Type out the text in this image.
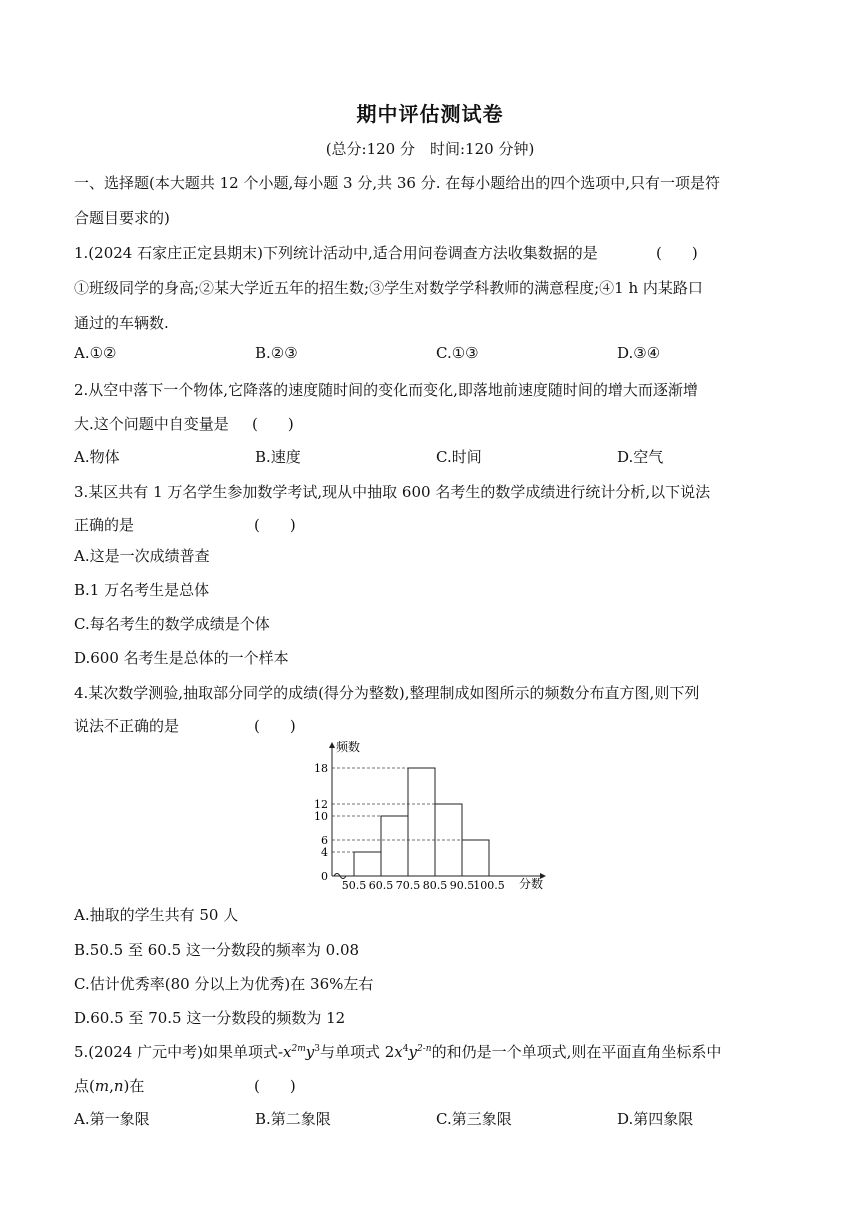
期中评估测试卷
(总分:120 分　时间:120 分钟)
一、选择题(本大题共 12 个小题,每小题 3 分,共 36 分. 在每小题给出的四个选项中,只有一项是符
合题目要求的)
1.(2024 石家庄正定县期末)下列统计活动中,适合用问卷调查方法收集数据的是	(　　)
①班级同学的身高;②某大学近五年的招生数;③学生对数学学科教师的满意程度;④1 h 内某路口
通过的车辆数.
A.①②	B.②③	C.①③	D.③④
2.从空中落下一个物体,它降落的速度随时间的变化而变化,即落地前速度随时间的增大而逐渐增
大.这个问题中自变量是	(　　)
A.物体	B.速度	C.时间	D.空气
3.某区共有 1 万名学生参加数学考试,现从中抽取 600 名考生的数学成绩进行统计分析,以下说法
正确的是	(　　)
A.这是一次成绩普查
B.1 万名考生是总体
C.每名考生的数学成绩是个体
D.600 名考生是总体的一个样本
4.某次数学测验,抽取部分同学的成绩(得分为整数),整理制成如图所示的频数分布直方图,则下列
说法不正确的是	(　　)
0
4
6
10
12
18
50.5 60.5 70.5 80.5 90.5 100.5
频数
分数
A.抽取的学生共有 50 人
B.50.5 至 60.5 这一分数段的频率为 0.08
C.估计优秀率(80 分以上为优秀)在 36%左右
D.60.5 至 70.5 这一分数段的频数为 12
5.(2024 广元中考)如果单项式$-x^{2m}y^3$与单项式 $2x^4y^{2-n}$的和仍是一个单项式,则在平面直角坐标系中
点(m,n)在	(　　)
A.第一象限	B.第二象限	C.第三象限	D.第四象限
